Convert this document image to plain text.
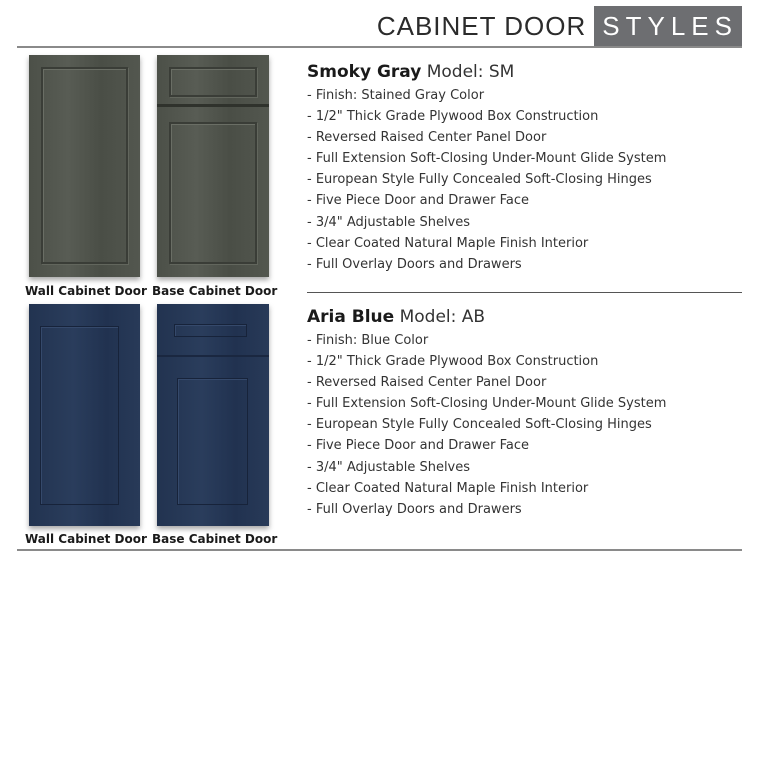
CABINET DOOR STYLES
Wall Cabinet Door Base Cabinet Door
Smoky Gray Model: SM
- Finish: Stained Gray Color
- 1/2" Thick Grade Plywood Box Construction
- Reversed Raised Center Panel Door
- Full Extension Soft-Closing Under-Mount Glide System
- European Style Fully Concealed Soft-Closing Hinges
- Five Piece Door and Drawer Face
- 3/4" Adjustable Shelves
- Clear Coated Natural Maple Finish Interior
- Full Overlay Doors and Drawers
Wall Cabinet Door Base Cabinet Door
Aria Blue Model: AB
- Finish: Blue Color
- 1/2" Thick Grade Plywood Box Construction
- Reversed Raised Center Panel Door
- Full Extension Soft-Closing Under-Mount Glide System
- European Style Fully Concealed Soft-Closing Hinges
- Five Piece Door and Drawer Face
- 3/4" Adjustable Shelves
- Clear Coated Natural Maple Finish Interior
- Full Overlay Doors and Drawers
